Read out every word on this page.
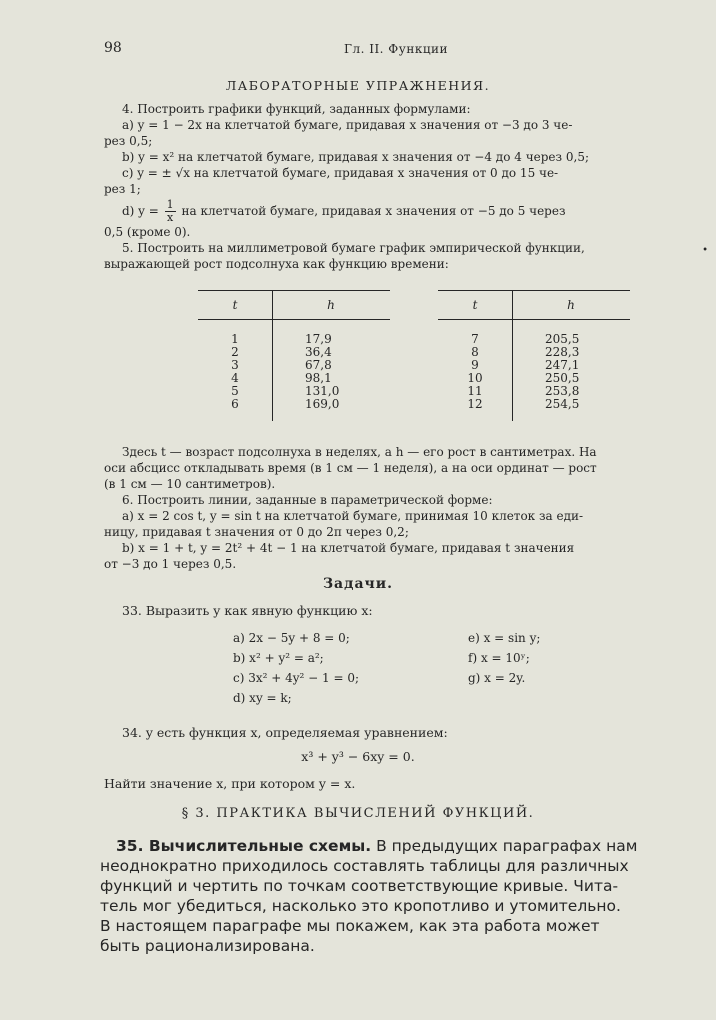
98	Гл. II. Функции
ЛАБОРАТОРНЫЕ УПРАЖНЕНИЯ.
4. Построить графики функций, заданных формулами:
а) y = 1 − 2x на клетчатой бумаге, придавая x значения от −3 до 3 че-
рез 0,5;
b) y = x² на клетчатой бумаге, придавая x значения от −4 до 4 через 0,5;
c) y = ± √x на клетчатой бумаге, придавая x значения от 0 до 15 че-
рез 1;
d) $y = \frac{1}{x}$ на клетчатой бумаге, придавая x значения от −5 до 5 через
0,5 (кроме 0).
5. Построить на миллиметровой бумаге график эмпирической функции,
выражающей рост подсолнуха как функцию времени:
•
t	h

1	17,9
2	36,4
3	67,8
4	98,1
5	131,0
6	169,0
t	h

7	205,5
8	228,3
9	247,1
10	250,5
11	253,8
12	254,5
Здесь t — возраст подсолнуха в неделях, а h — его рост в сантиметрах. На
оси абсцисс откладывать время (в 1 см — 1 неделя), а на оси ординат — рост
(в 1 см — 10 сантиметров).
6. Построить линии, заданные в параметрической форме:
а) x = 2 cos t, y = sin t на клетчатой бумаге, принимая 10 клеток за еди-
ницу, придавая t значения от 0 до 2π через 0,2;
b) x = 1 + t, y = 2t² + 4t − 1 на клетчатой бумаге, придавая t значения
от −3 до 1 через 0,5.
Задачи.
33. Выразить y как явную функцию x:
а) 2x − 5y + 8 = 0;	e) x = sin y;
b) x² + y² = a²;	f) x = 10ʸ;
c) 3x² + 4y² − 1 = 0;	g) x = 2y.
d) xy = k;
34. y есть функция x, определяемая уравнением:
x³ + y³ − 6xy = 0.
Найти значение x, при котором y = x.
§ 3. ПРАКТИКА ВЫЧИСЛЕНИЙ ФУНКЦИЙ.
35. Вычислительные схемы. В предыдущих параграфах нам
неоднократно приходилось составлять таблицы для различных
функций и чертить по точкам соответствующие кривые. Чита-
тель мог убедиться, насколько это кропотливо и утомительно.
В настоящем параграфе мы покажем, как эта работа может
быть рационализирована.
